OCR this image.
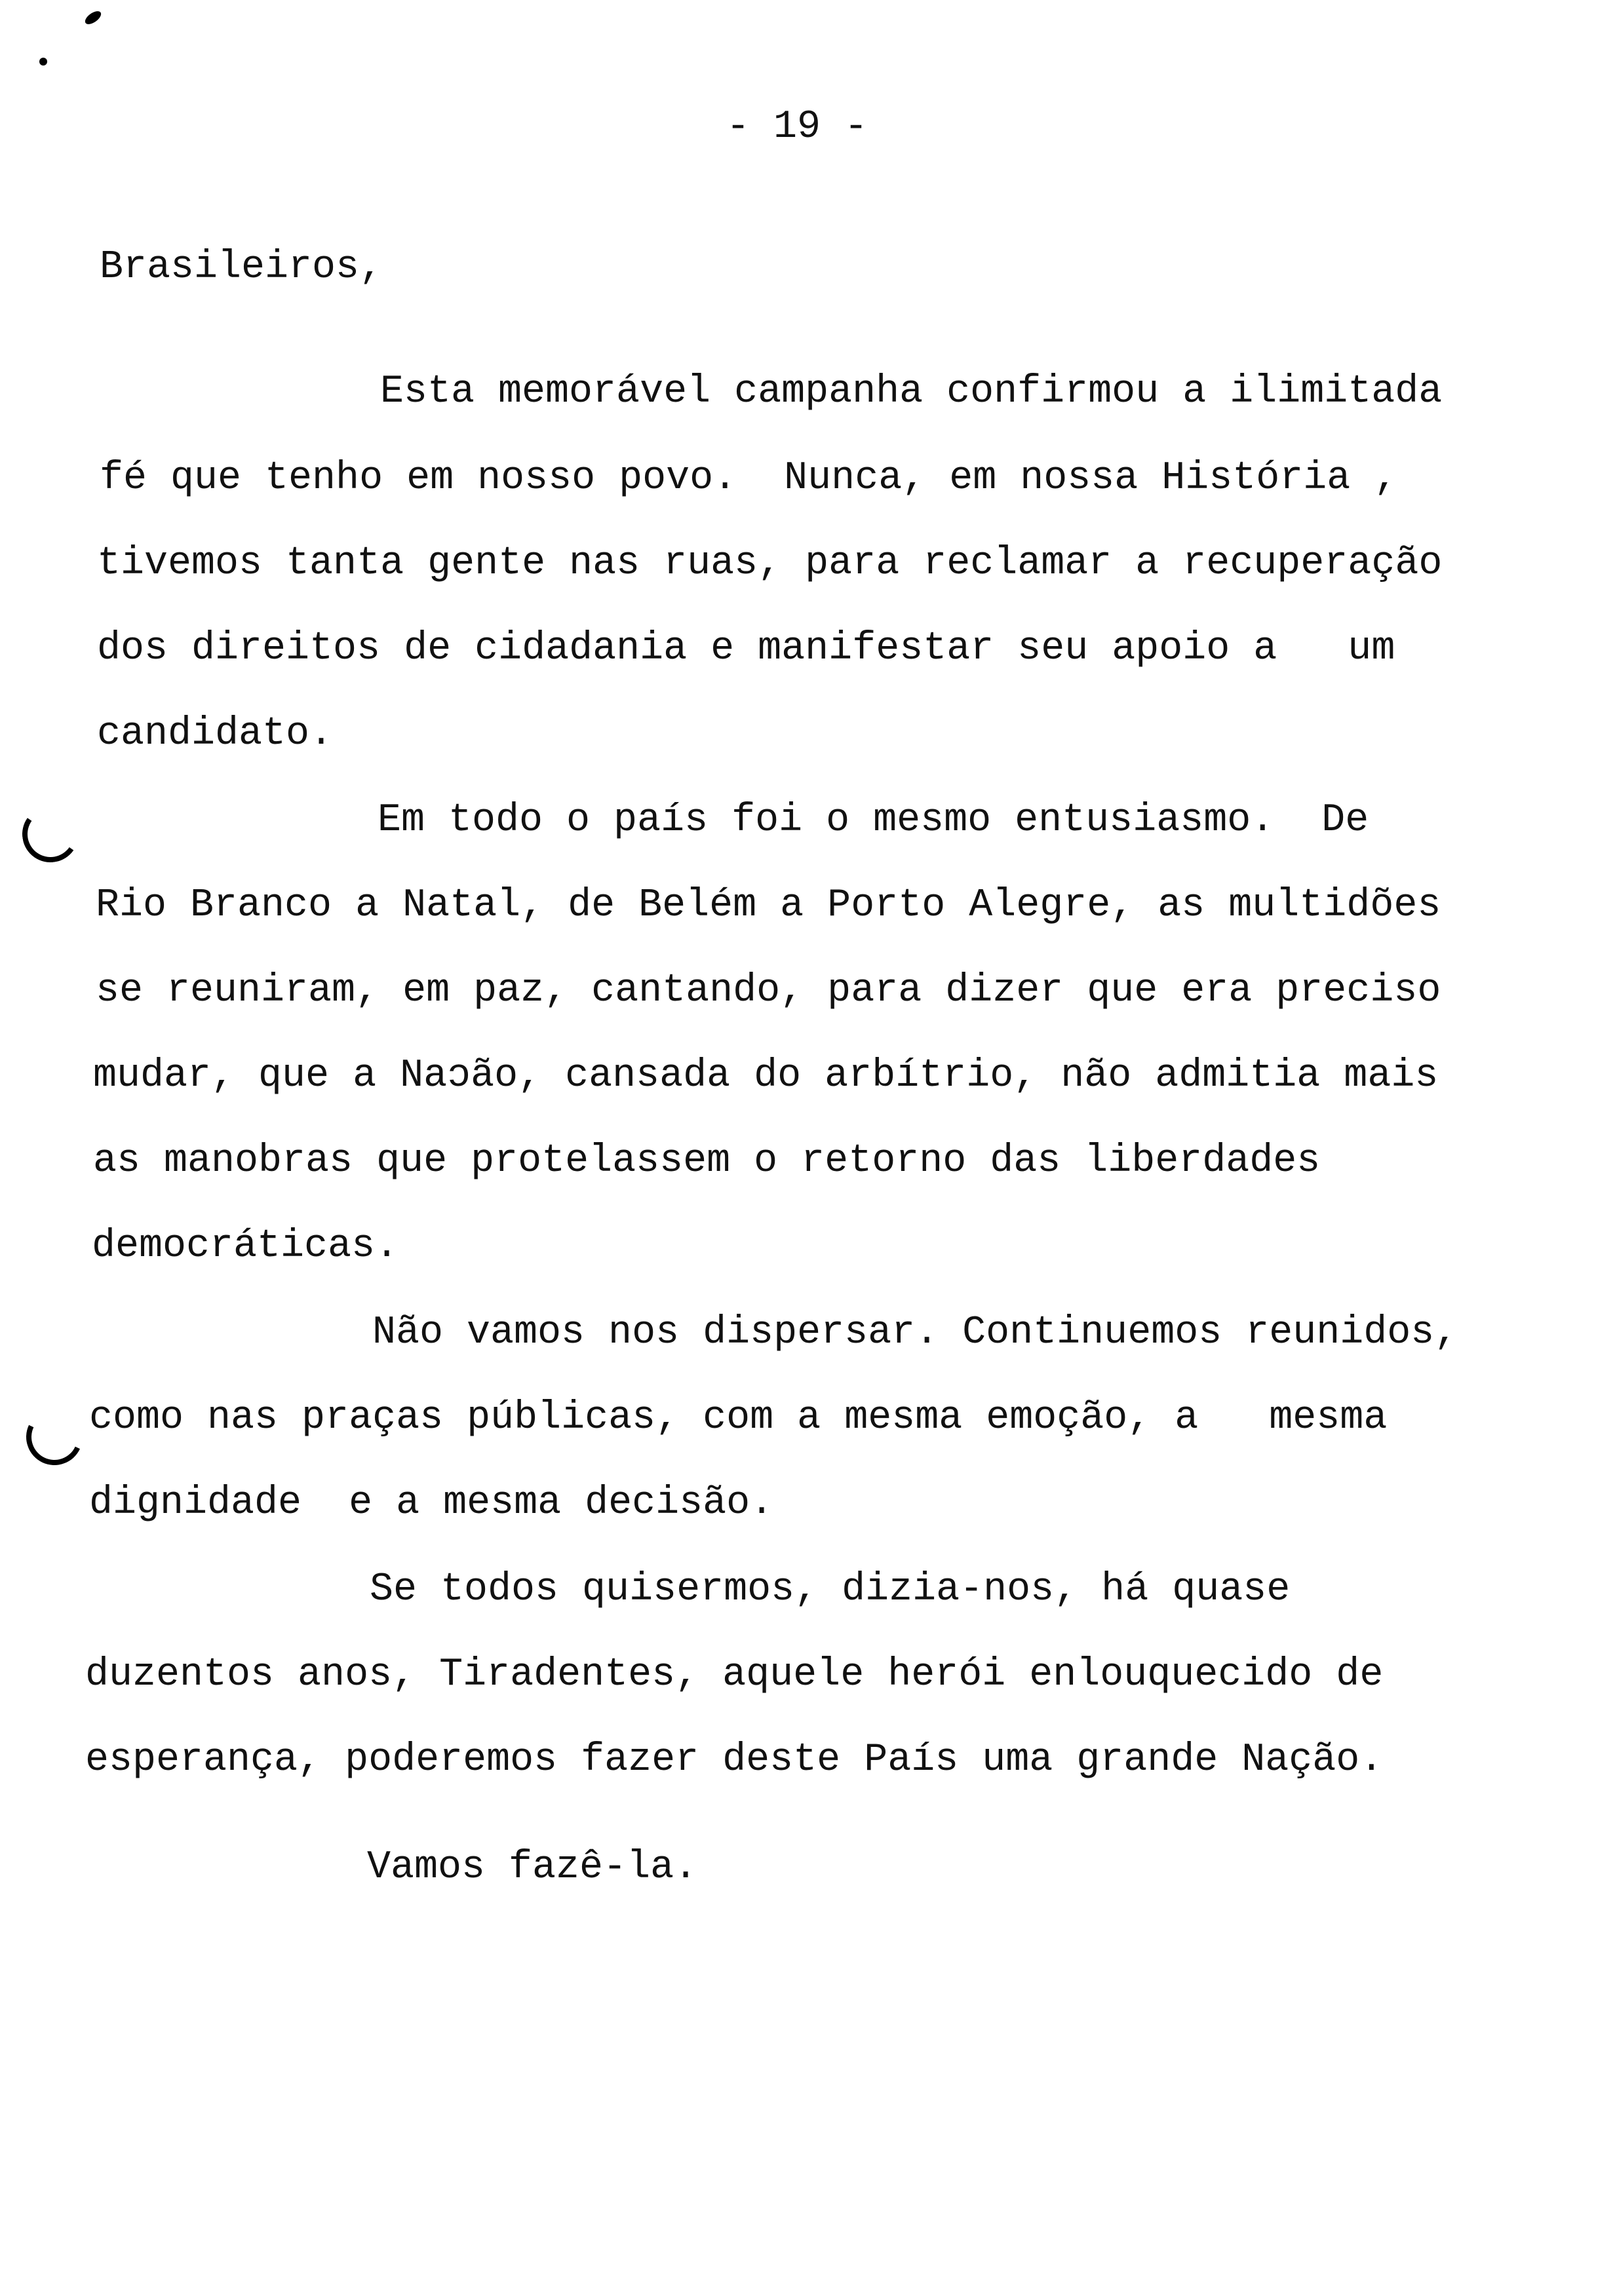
- 19 -
Brasileiros,
Esta memorável campanha confirmou a ilimitada
fé que tenho em nosso povo.  Nunca, em nossa História ,
tivemos tanta gente nas ruas, para reclamar a recuperação
dos direitos de cidadania e manifestar seu apoio a   um
candidato.
Em todo o país foi o mesmo entusiasmo.  De
Rio Branco a Natal, de Belém a Porto Alegre, as multidões
se reuniram, em paz, cantando, para dizer que era preciso
mudar, que a Naɔão, cansada do arbítrio, não admitia mais
as manobras que protelassem o retorno das liberdades
democráticas.
Não vamos nos dispersar. Continuemos reunidos,
como nas praças públicas, com a mesma emoção, a   mesma
dignidade  e a mesma decisão.
Se todos quisermos, dizia-nos, há quase
duzentos anos, Tiradentes, aquele herói enlouquecido de
esperança, poderemos fazer deste País uma grande Nação.
Vamos fazê-la.
